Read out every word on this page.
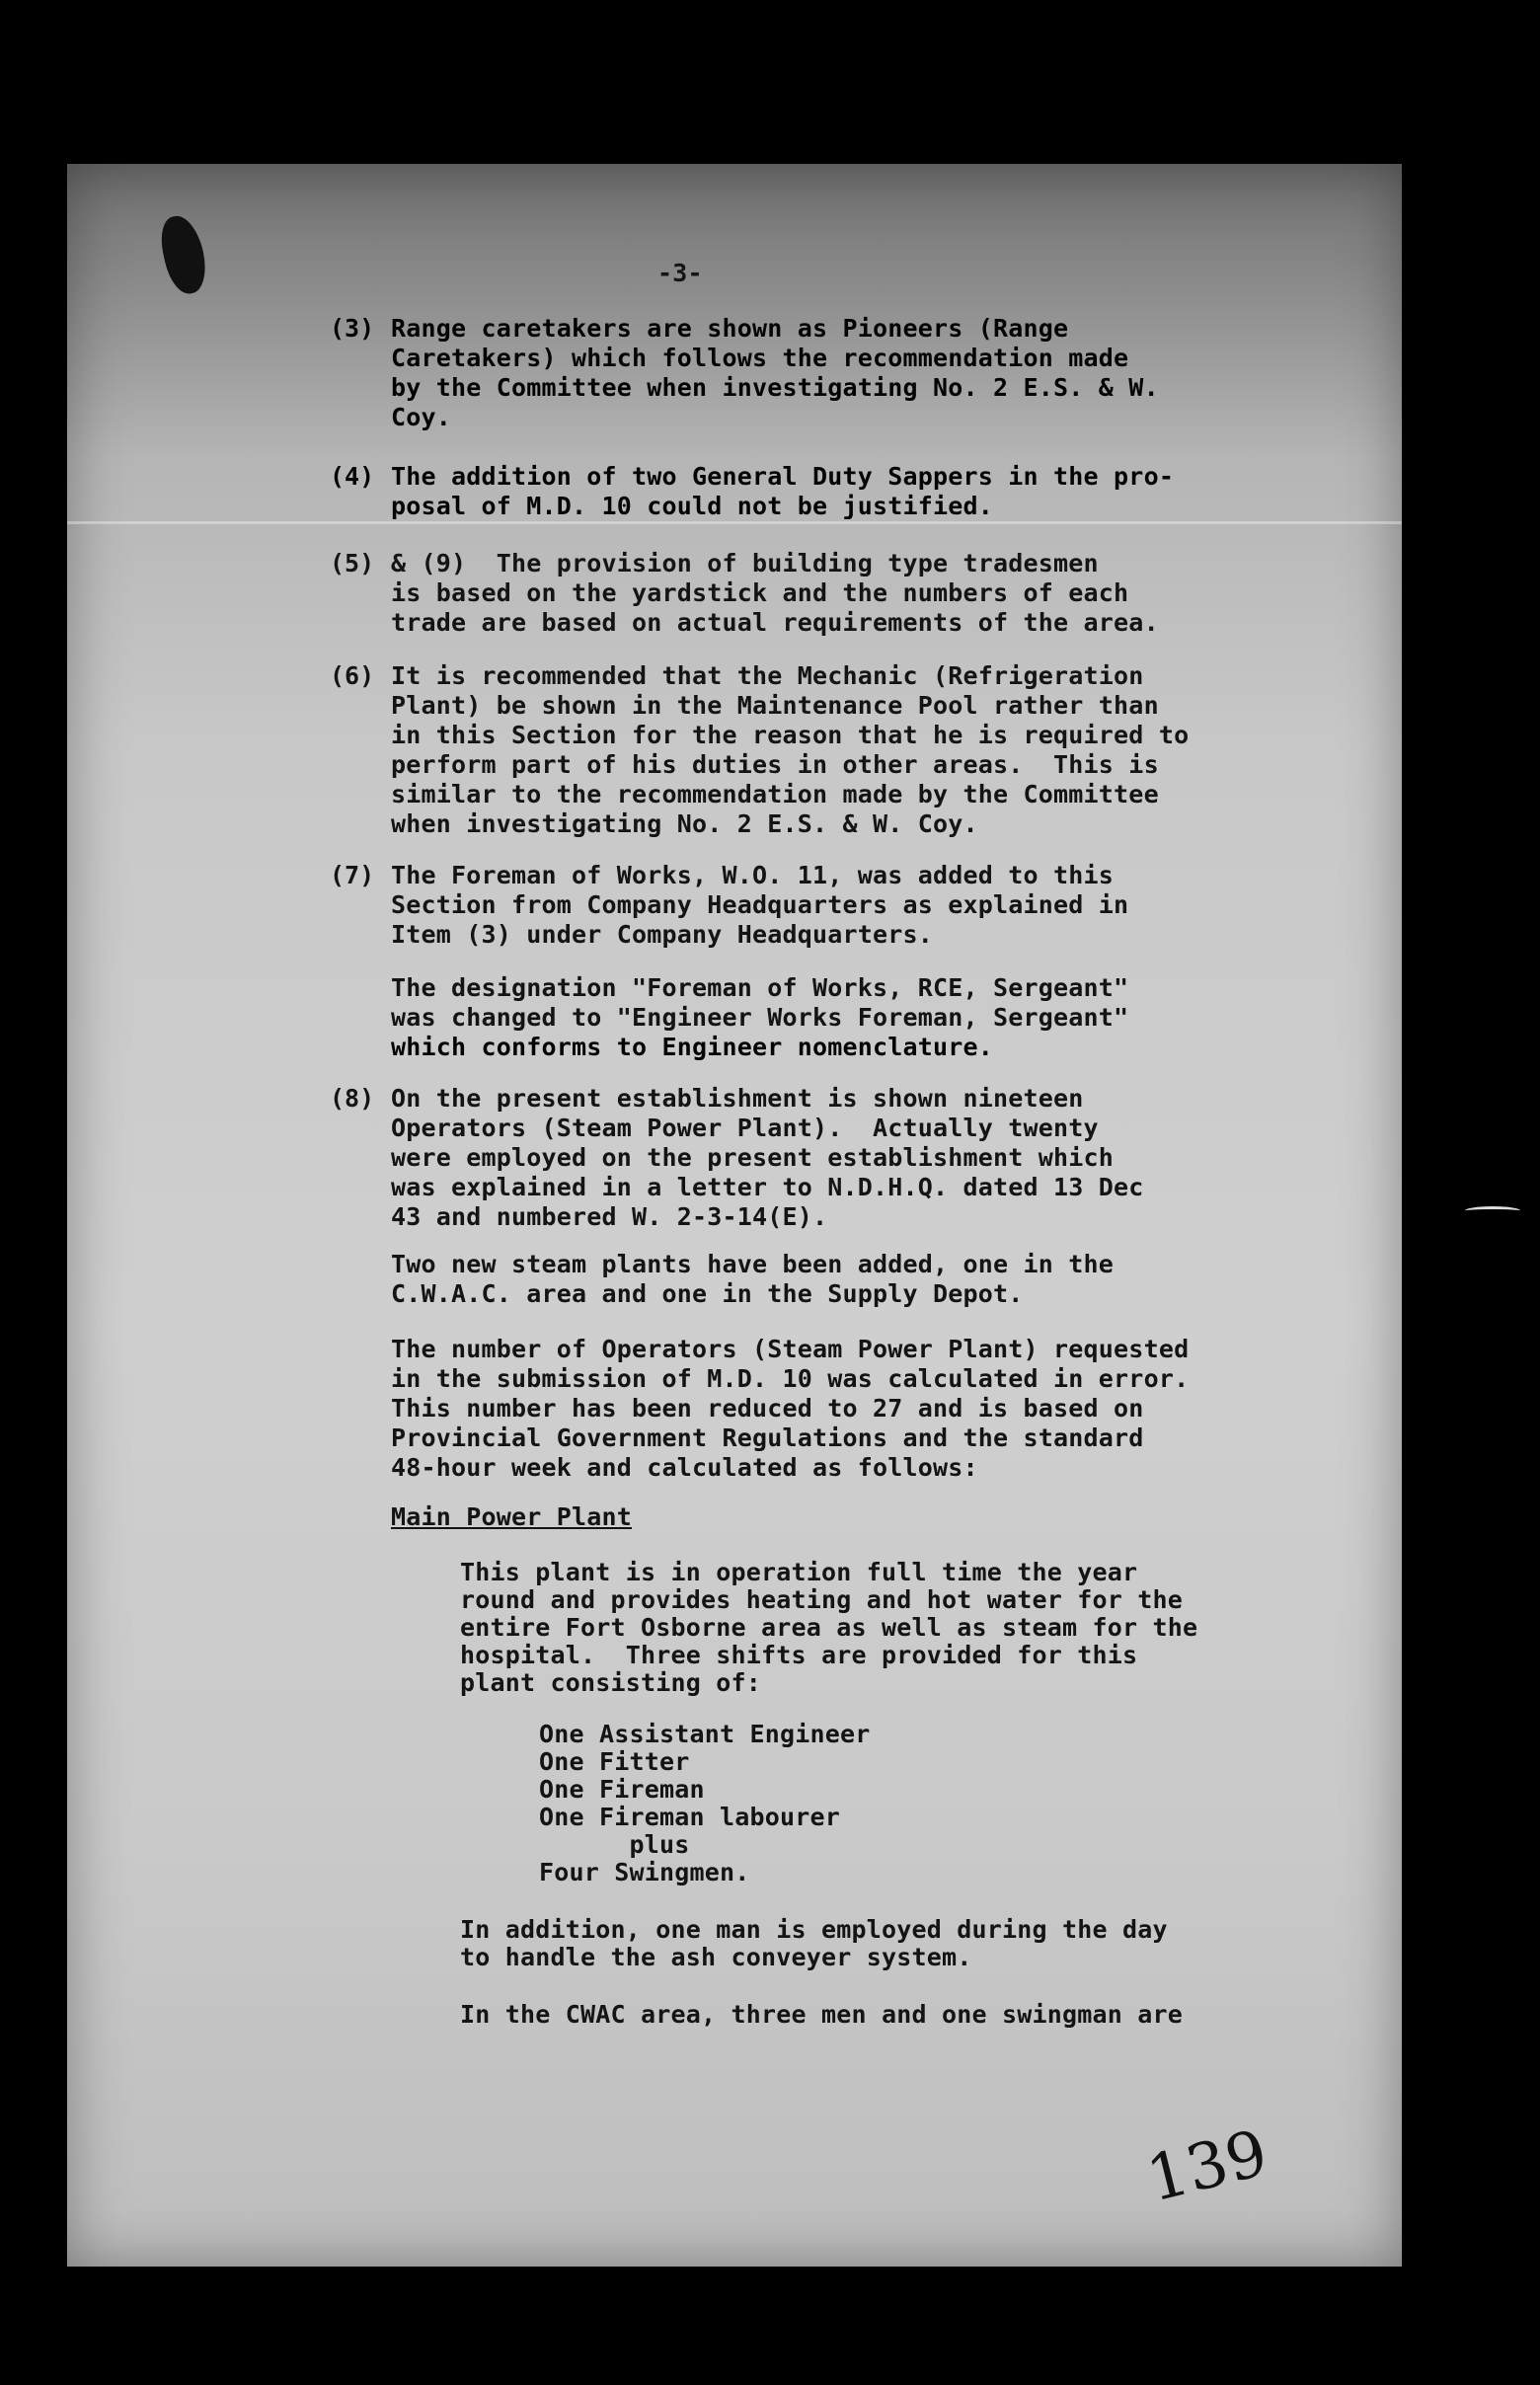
-3-
(3) Range caretakers are shown as Pioneers (Range
Caretakers) which follows the recommendation made
by the Committee when investigating No. 2 E.S. & W.
Coy.
(4) The addition of two General Duty Sappers in the pro-
posal of M.D. 10 could not be justified.
(5) & (9)  The provision of building type tradesmen
is based on the yardstick and the numbers of each
trade are based on actual requirements of the area.
(6) It is recommended that the Mechanic (Refrigeration
Plant) be shown in the Maintenance Pool rather than
in this Section for the reason that he is required to
perform part of his duties in other areas.  This is
similar to the recommendation made by the Committee
when investigating No. 2 E.S. & W. Coy.
(7) The Foreman of Works, W.O. 11, was added to this
Section from Company Headquarters as explained in
Item (3) under Company Headquarters.
The designation "Foreman of Works, RCE, Sergeant"
was changed to "Engineer Works Foreman, Sergeant"
which conforms to Engineer nomenclature.
(8) On the present establishment is shown nineteen
Operators (Steam Power Plant).  Actually twenty
were employed on the present establishment which
was explained in a letter to N.D.H.Q. dated 13 Dec
43 and numbered W. 2-3-14(E).
Two new steam plants have been added, one in the
C.W.A.C. area and one in the Supply Depot.
The number of Operators (Steam Power Plant) requested
in the submission of M.D. 10 was calculated in error.
This number has been reduced to 27 and is based on
Provincial Government Regulations and the standard
48-hour week and calculated as follows:
Main Power Plant
This plant is in operation full time the year
round and provides heating and hot water for the
entire Fort Osborne area as well as steam for the
hospital.  Three shifts are provided for this
plant consisting of:
One Assistant Engineer
One Fitter
One Fireman
One Fireman labourer
plus
Four Swingmen.
In addition, one man is employed during the day
to handle the ash conveyer system.
In the CWAC area, three men and one swingman are
139
